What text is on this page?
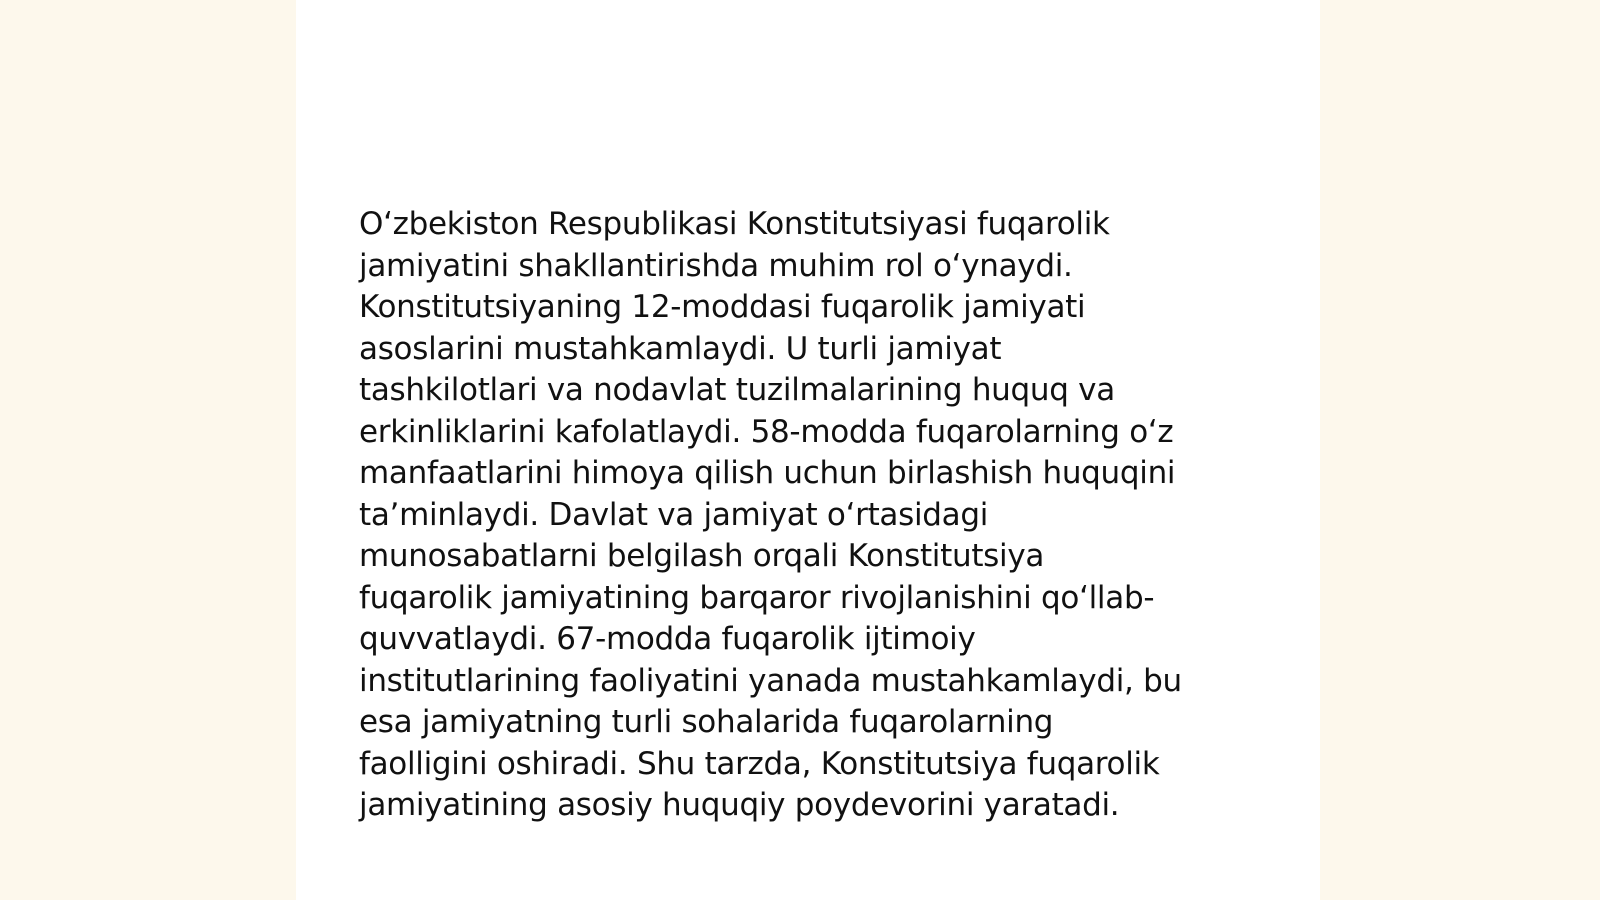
O‘zbekiston Respublikasi Konstitutsiyasi fuqarolik
jamiyatini shakllantirishda muhim rol o‘ynaydi.
Konstitutsiyaning 12-moddasi fuqarolik jamiyati
asoslarini mustahkamlaydi. U turli jamiyat
tashkilotlari va nodavlat tuzilmalarining huquq va
erkinliklarini kafolatlaydi. 58-modda fuqarolarning o‘z
manfaatlarini himoya qilish uchun birlashish huquqini
ta’minlaydi. Davlat va jamiyat o‘rtasidagi
munosabatlarni belgilash orqali Konstitutsiya
fuqarolik jamiyatining barqaror rivojlanishini qo‘llab-
quvvatlaydi. 67-modda fuqarolik ijtimoiy
institutlarining faoliyatini yanada mustahkamlaydi, bu
esa jamiyatning turli sohalarida fuqarolarning
faolligini oshiradi. Shu tarzda, Konstitutsiya fuqarolik
jamiyatining asosiy huquqiy poydevorini yaratadi.
